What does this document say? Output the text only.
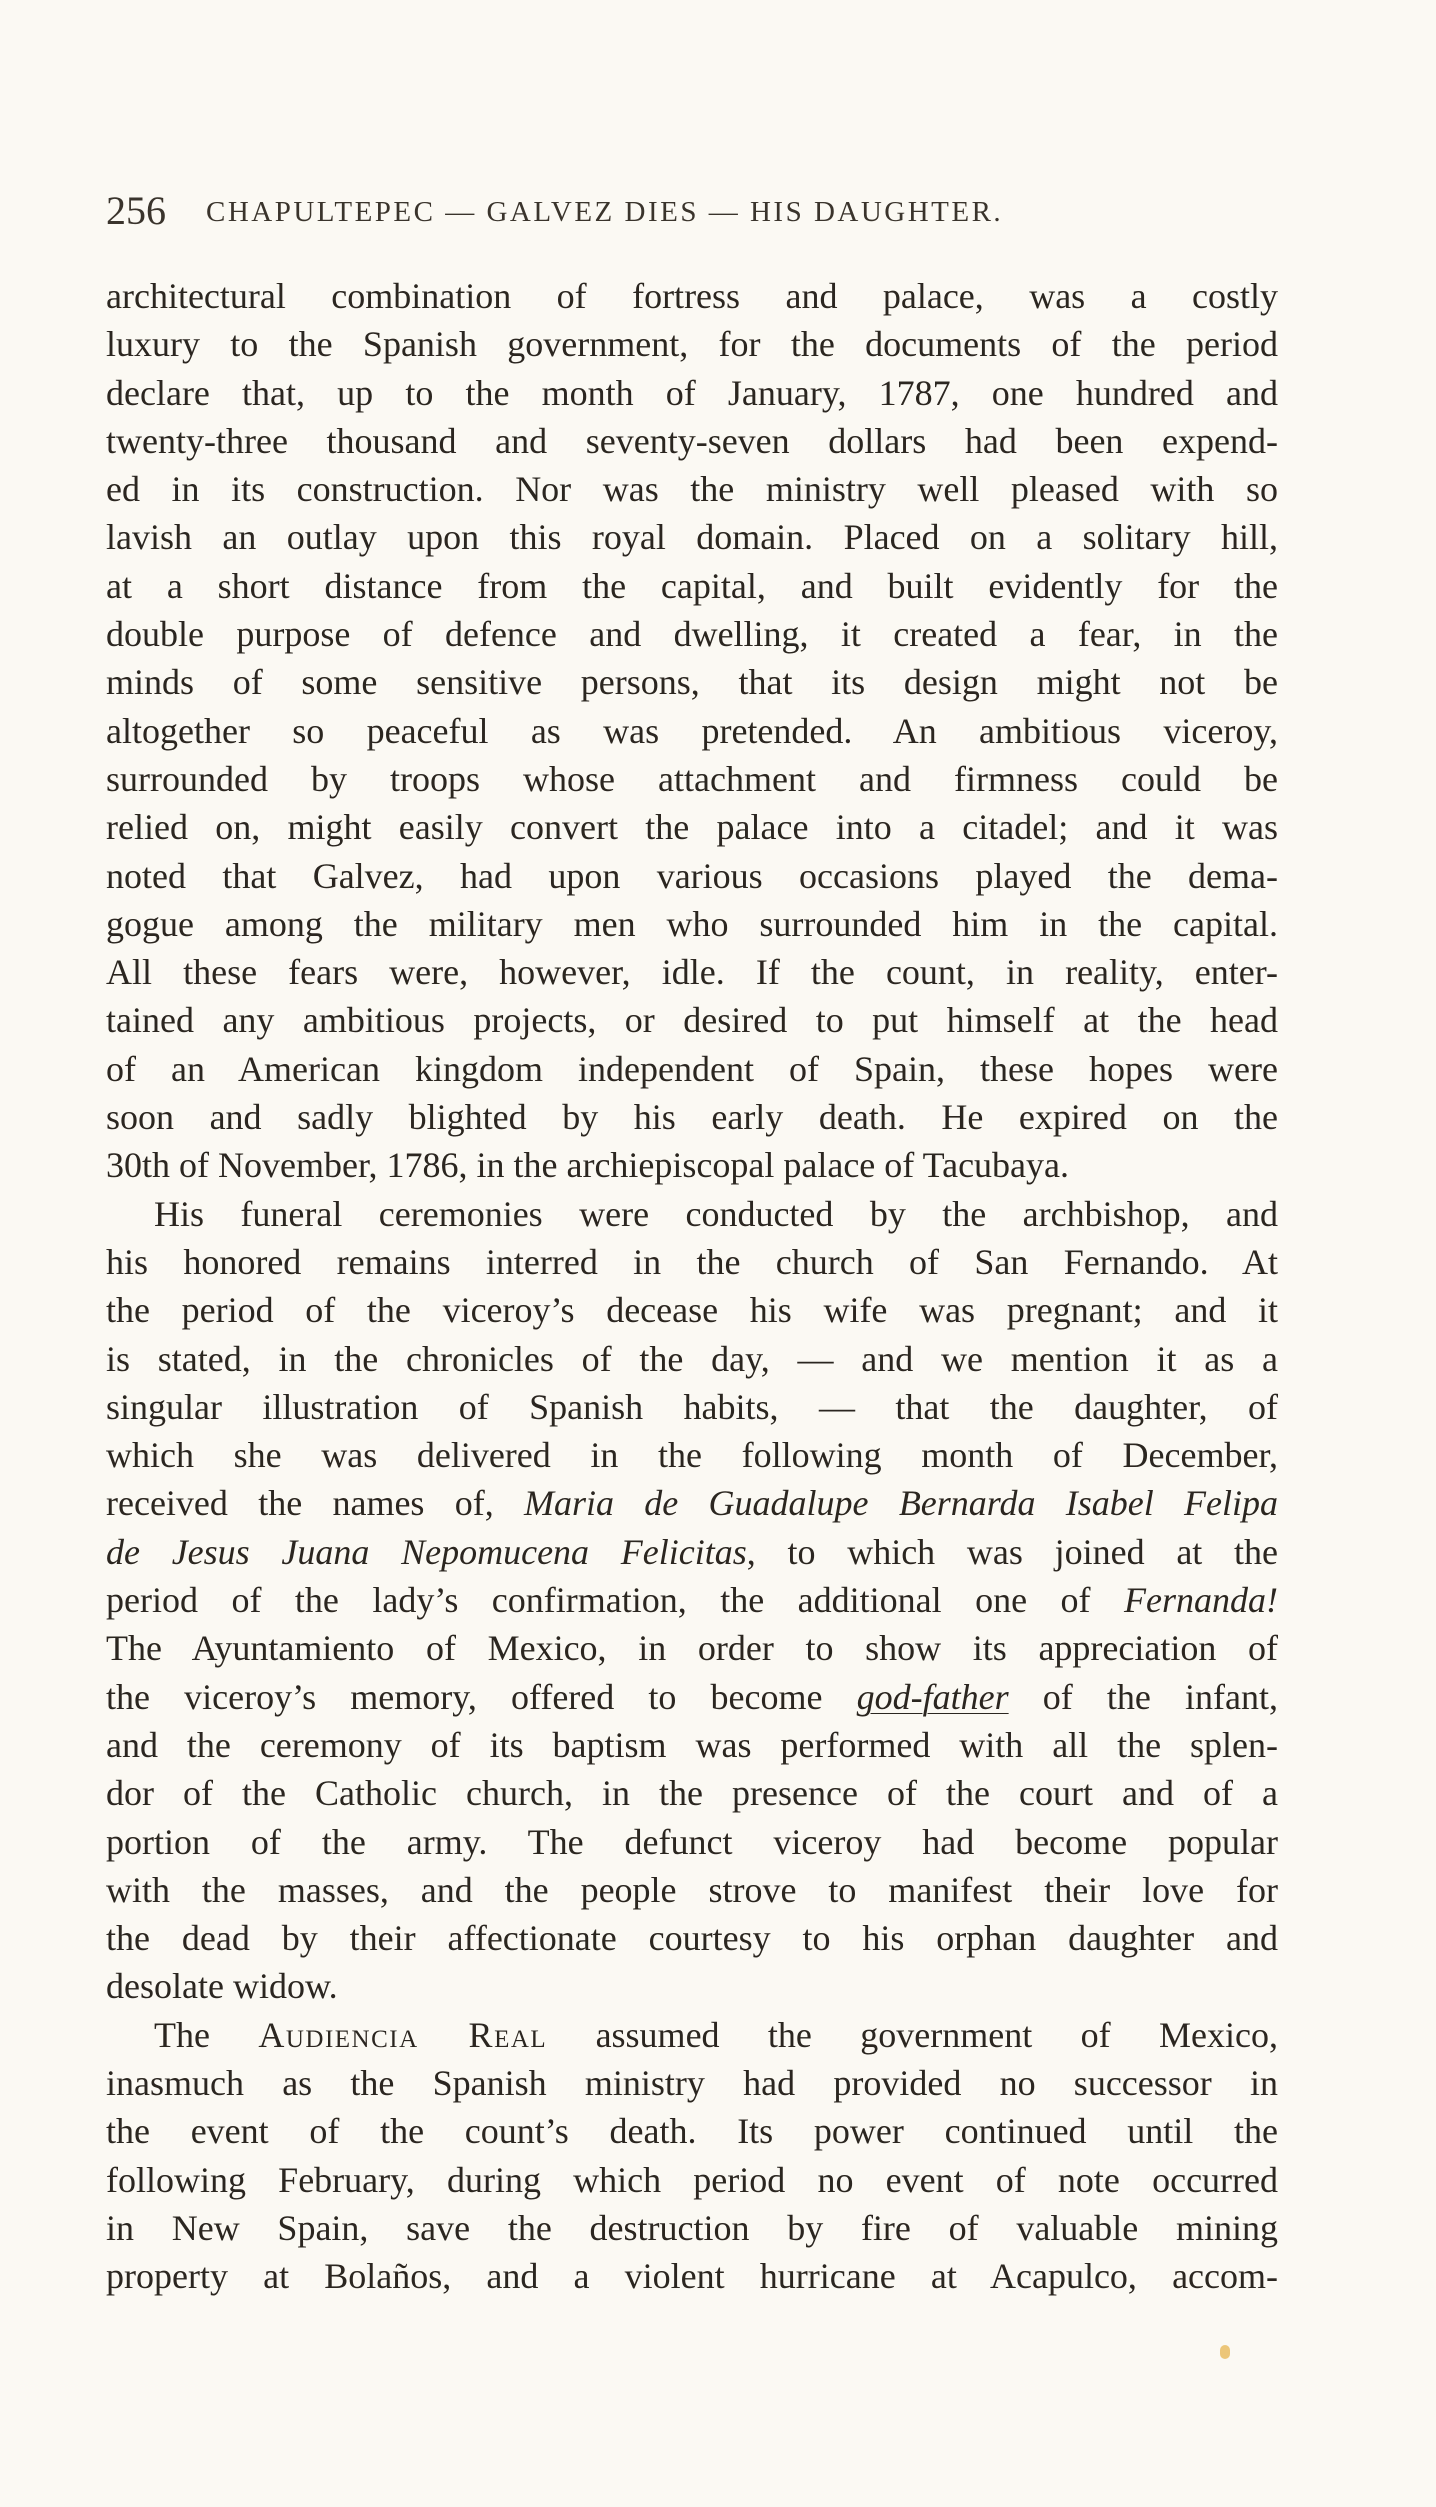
256 CHAPULTEPEC — GALVEZ DIES — HIS DAUGHTER.
architectural combination of fortress and palace, was a costly
luxury to the Spanish government, for the documents of the period
declare that, up to the month of January, 1787, one hundred and
twenty-three thousand and seventy-seven dollars had been expend-
ed in its construction. Nor was the ministry well pleased with so
lavish an outlay upon this royal domain. Placed on a solitary hill,
at a short distance from the capital, and built evidently for the
double purpose of defence and dwelling, it created a fear, in the
minds of some sensitive persons, that its design might not be
altogether so peaceful as was pretended. An ambitious viceroy,
surrounded by troops whose attachment and firmness could be
relied on, might easily convert the palace into a citadel; and it was
noted that Galvez, had upon various occasions played the dema-
gogue among the military men who surrounded him in the capital.
All these fears were, however, idle. If the count, in reality, enter-
tained any ambitious projects, or desired to put himself at the head
of an American kingdom independent of Spain, these hopes were
soon and sadly blighted by his early death. He expired on the
30th of November, 1786, in the archiepiscopal palace of Tacubaya.
His funeral ceremonies were conducted by the archbishop, and
his honored remains interred in the church of San Fernando. At
the period of the viceroy’s decease his wife was pregnant; and it
is stated, in the chronicles of the day, — and we mention it as a
singular illustration of Spanish habits, — that the daughter, of
which she was delivered in the following month of December,
received the names of, Maria de Guadalupe Bernarda Isabel Felipa
de Jesus Juana Nepomucena Felicitas, to which was joined at the
period of the lady’s confirmation, the additional one of Fernanda!
The Ayuntamiento of Mexico, in order to show its appreciation of
the viceroy’s memory, offered to become god-father of the infant,
and the ceremony of its baptism was performed with all the splen-
dor of the Catholic church, in the presence of the court and of a
portion of the army. The defunct viceroy had become popular
with the masses, and the people strove to manifest their love for
the dead by their affectionate courtesy to his orphan daughter and
desolate widow.
The Audiencia Real assumed the government of Mexico,
inasmuch as the Spanish ministry had provided no successor in
the event of the count’s death. Its power continued until the
following February, during which period no event of note occurred
in New Spain, save the destruction by fire of valuable mining
property at Bolaños, and a violent hurricane at Acapulco, accom-
